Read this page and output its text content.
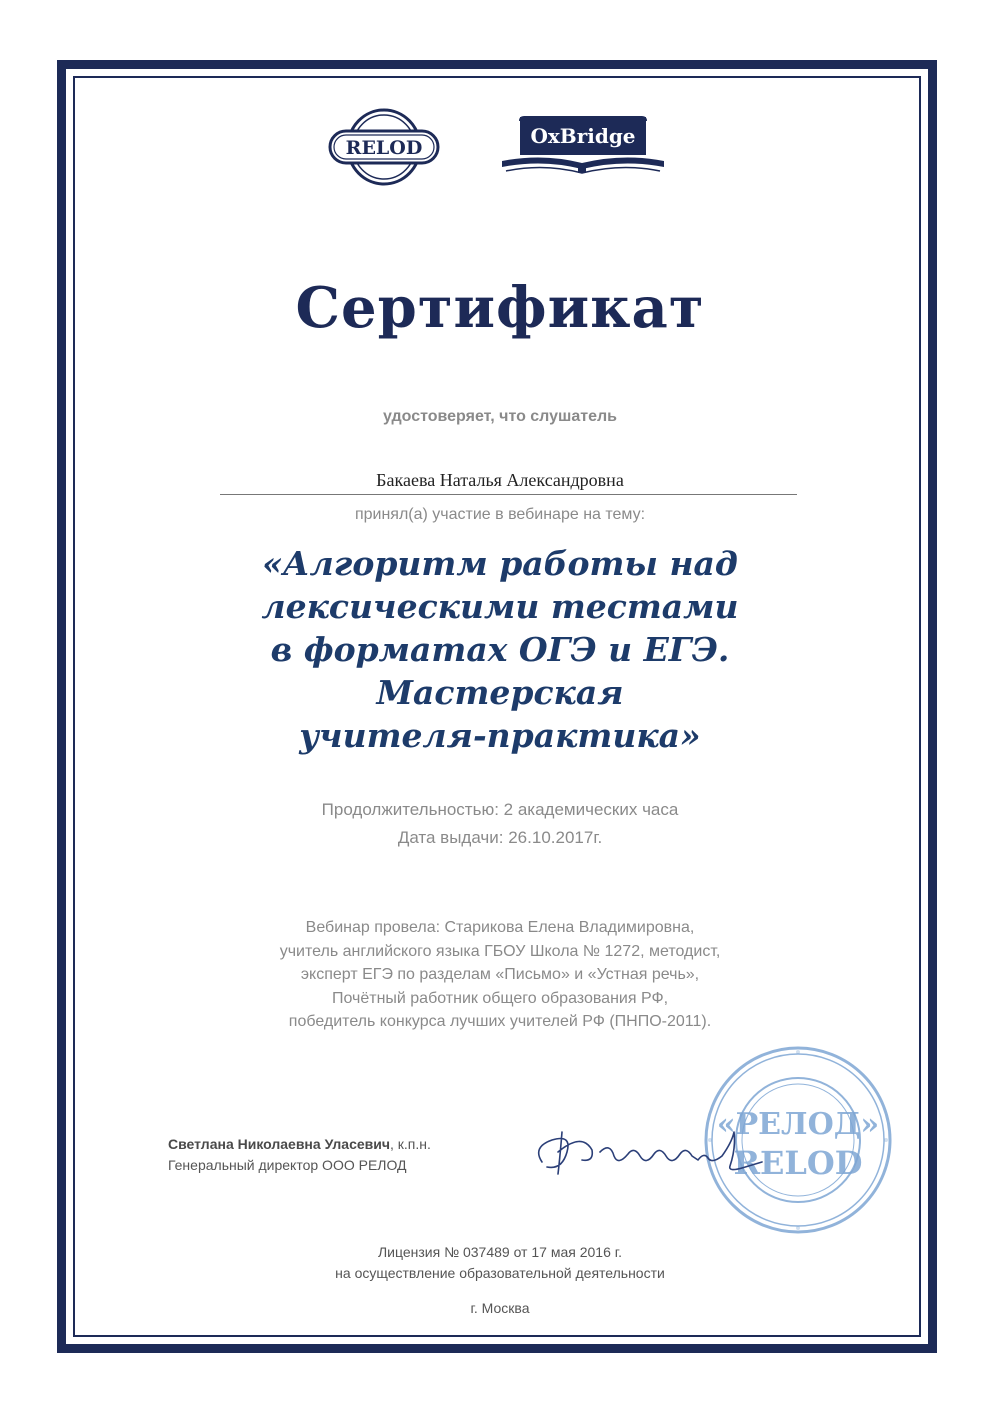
RELOD	OxBridge
Сертификат
удостоверяет, что слушатель
Бакаева Наталья Александровна
принял(а) участие в вебинаре на тему:
«Алгоритм работы над
лексическими тестами
в форматах ОГЭ и ЕГЭ.
Мастерская
учителя-практика»
Продолжительностью: 2 академических часа
Дата выдачи: 26.10.2017г.
Вебинар провела: Старикова Елена Владимировна,
учитель английского языка ГБОУ Школа № 1272, методист,
эксперт ЕГЭ по разделам «Письмо» и «Устная речь»,
Почётный работник общего образования РФ,
победитель конкурса лучших учителей РФ (ПНПО-2011).
Светлана Николаевна Уласевич, к.п.н.
Генеральный директор ООО РЕЛОД
«РЕЛОД»
RELOD
Лицензия № 037489 от 17 мая 2016 г.
на осуществление образовательной деятельности
г. Москва
